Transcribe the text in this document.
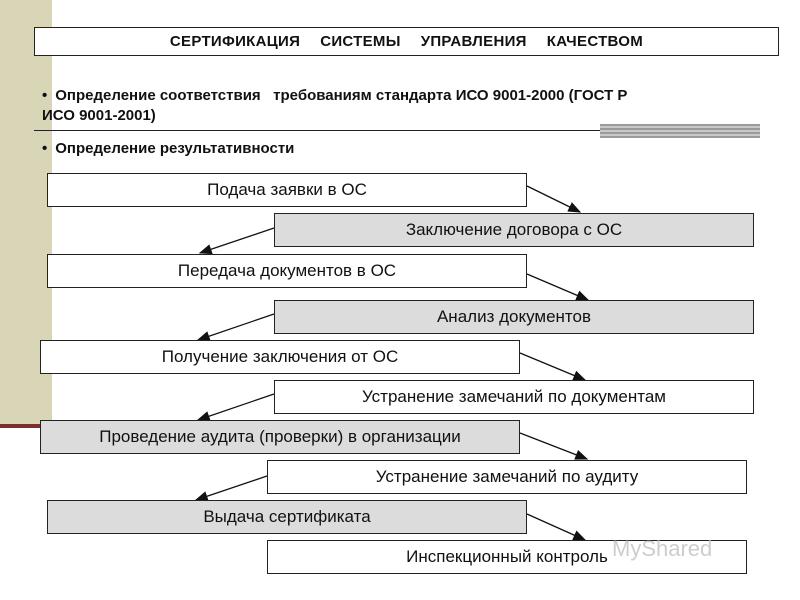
СЕРТИФИКАЦИЯ СИСТЕМЫ УПРАВЛЕНИЯ КАЧЕСТВОМ
• Определение соответствия   требованиям стандарта ИСО 9001-2000 (ГОСТ Р
ИСО 9001-2001)
• Определение результативности
Подача заявки в ОС
Заключение договора с ОС
Передача документов в ОС
Анализ документов
Получение заключения от ОС
Устранение замечаний по документам
Проведение аудита (проверки) в организации
Устранение замечаний по аудиту
Выдача сертификата
Инспекционный контроль MyShared
